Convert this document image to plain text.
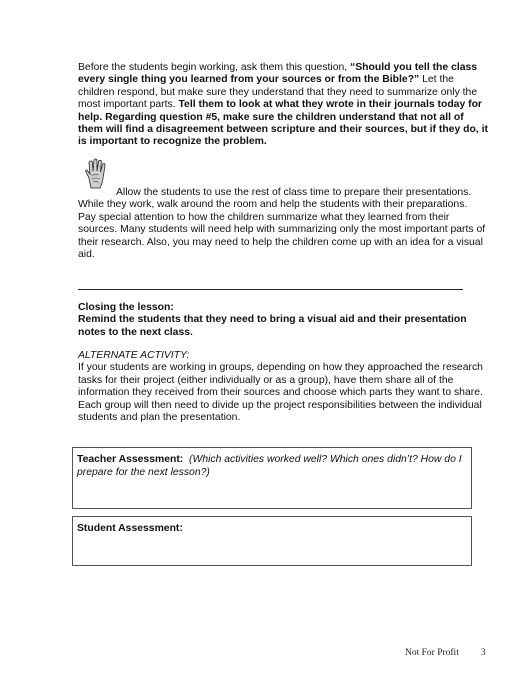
Before the students begin working, ask them this question, “Should you tell the class every single thing you learned from your sources or from the Bible?” Let the children respond, but make sure they understand that they need to summarize only the most important parts. Tell them to look at what they wrote in their journals today for help. Regarding question #5, make sure the children understand that not all of them will find a disagreement between scripture and their sources, but if they do, it is important to recognize the problem.

Allow the students to use the rest of class time to prepare their presentations. While they work, walk around the room and help the students with their preparations. Pay special attention to how the children summarize what they learned from their sources. Many students will need help with summarizing only the most important parts of their research. Also, you may need to help the children come up with an idea for a visual aid.

Closing the lesson:
Remind the students that they need to bring a visual aid and their presentation notes to the next class.

ALTERNATE ACTIVITY:
If your students are working in groups, depending on how they approached the research tasks for their project (either individually or as a group), have them share all of the information they received from their sources and choose which parts they want to share. Each group will then need to divide up the project responsibilities between the individual students and plan the presentation.

Teacher Assessment: (Which activities worked well? Which ones didn’t? How do I prepare for the next lesson?)
Student Assessment:
Not For Profit 3
